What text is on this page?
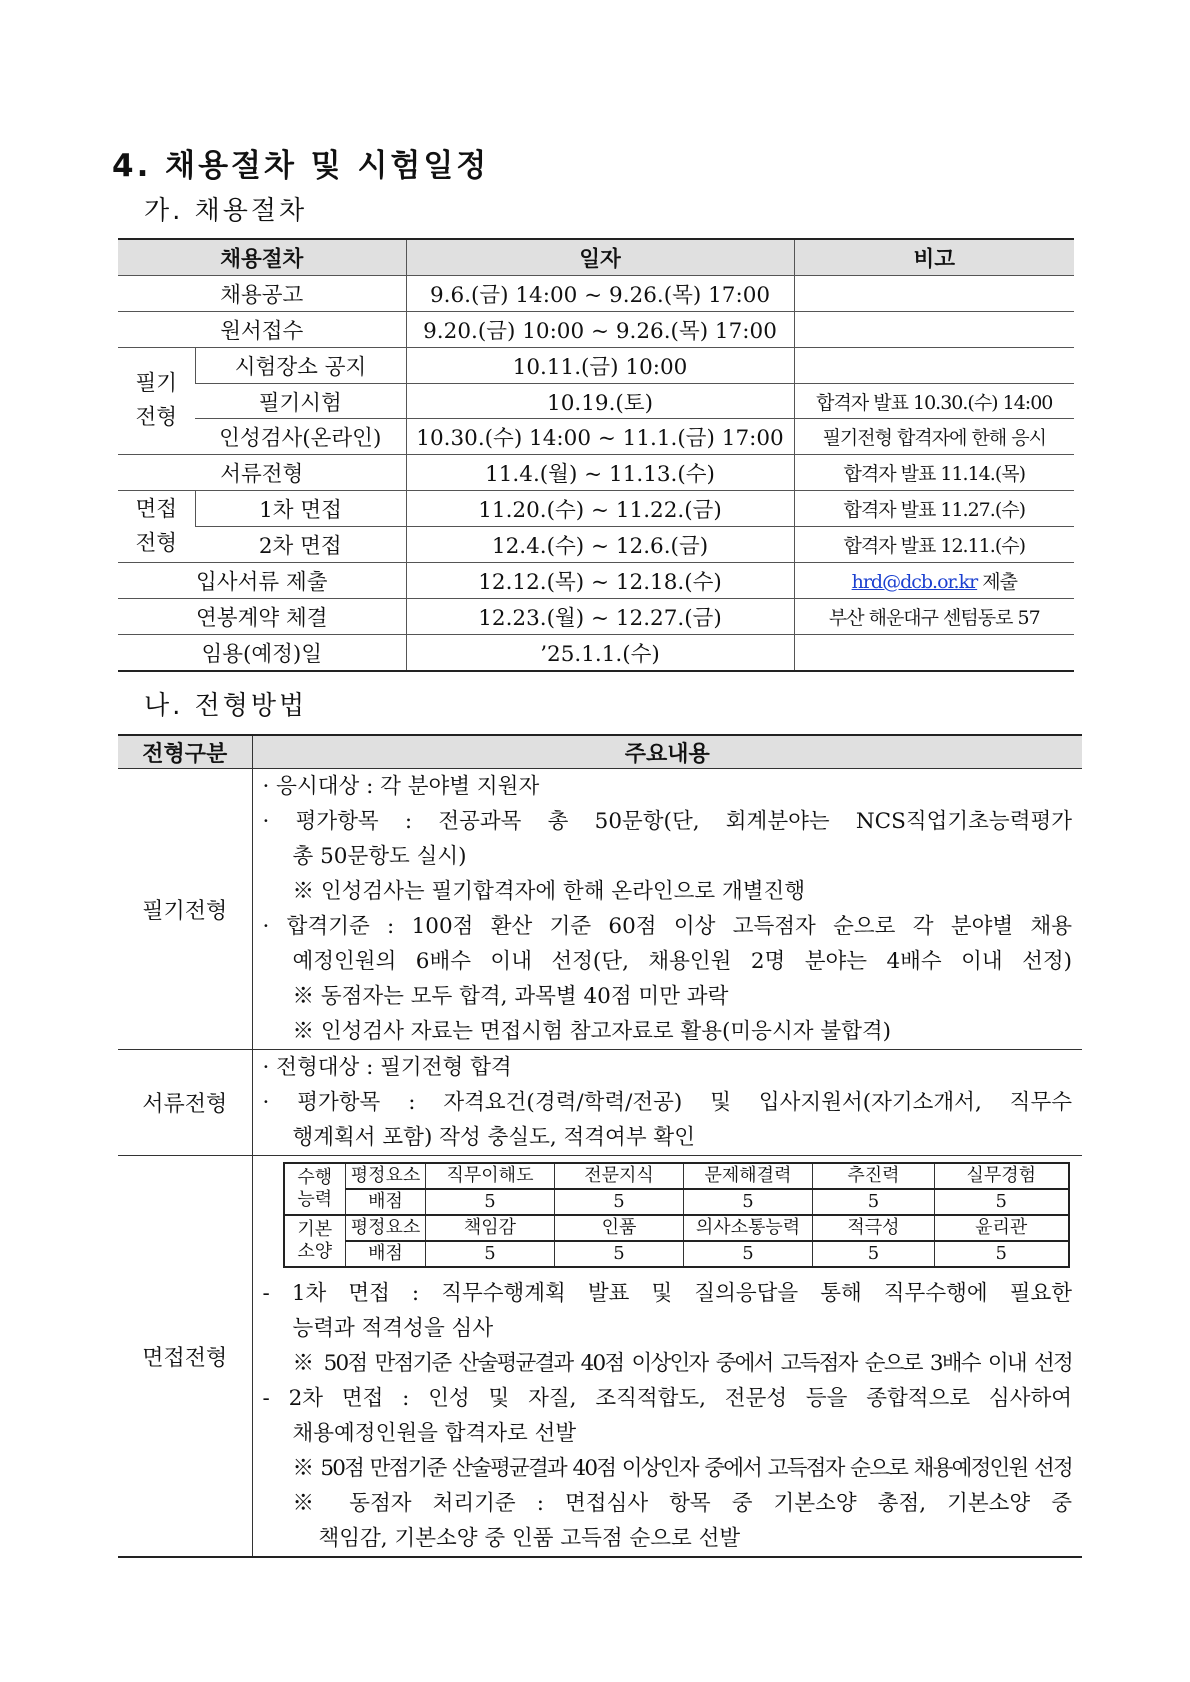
4. 채용절차 및 시험일정
가. 채용절차
채용절차		일자	비고
채용공고		9.6.(금) 14:00 ~ 9.26.(목) 17:00	
원서접수		9.20.(금) 10:00 ~ 9.26.(목) 17:00	
필기
전형	시험장소 공지	10.11.(금) 10:00	
	필기시험	10.19.(토)	합격자 발표 10.30.(수) 14:00
	인성검사(온라인)	10.30.(수) 14:00 ~ 11.1.(금) 17:00	필기전형 합격자에 한해 응시
서류전형		11.4.(월) ~ 11.13.(수)	합격자 발표 11.14.(목)
면접
전형	1차 면접	11.20.(수) ~ 11.22.(금)	합격자 발표 11.27.(수)
	2차 면접	12.4.(수) ~ 12.6.(금)	합격자 발표 12.11.(수)
입사서류 제출		12.12.(목) ~ 12.18.(수)	hrd@dcb.or.kr 제출
연봉계약 체결		12.23.(월) ~ 12.27.(금)	부산 해운대구 센텀동로 57
임용(예정)일		’25.1.1.(수)	
나. 전형방법
전형구분	주요내용
필기전형	
· 응시대상 : 각 분야별 지원자
· 평가항목 : 전공과목 총 50문항(단, 회계분야는 NCS직업기초능력평가
총 50문항도 실시)
※ 인성검사는 필기합격자에 한해 온라인으로 개별진행
· 합격기준 : 100점 환산 기준 60점 이상 고득점자 순으로 각 분야별 채용
예정인원의 6배수 이내 선정(단, 채용인원 2명 분야는 4배수 이내 선정)
※ 동점자는 모두 합격, 과목별 40점 미만 과락
※ 인성검사 자료는 면접시험 참고자료로 활용(미응시자 불합격)

서류전형	
· 전형대상 : 필기전형 합격
· 평가항목 : 자격요건(경력/학력/전공) 및 입사지원서(자기소개서, 직무수
행계획서 포함) 작성 충실도, 적격여부 확인

면접전형	
수행
능력	평정요소	직무이해도	전문지식	문제해결력	추진력	실무경험
배점	5	5	5	5	5
기본
소양	평정요소	책임감	인품	의사소통능력	적극성	윤리관
배점	5	5	5	5	5
- 1차 면접 : 직무수행계획 발표 및 질의응답을 통해 직무수행에 필요한
능력과 적격성을 심사
※ 50점 만점기준 산술평균결과 40점 이상인자 중에서 고득점자 순으로 3배수 이내 선정
- 2차 면접 : 인성 및 자질, 조직적합도, 전문성 등을 종합적으로 심사하여
채용예정인원을 합격자로 선발
※ 50점 만점기준 산술평균결과 40점 이상인자 중에서 고득점자 순으로 채용예정인원 선정
※ 동점자 처리기준 : 면접심사 항목 중 기본소양 총점, 기본소양 중
책임감, 기본소양 중 인품 고득점 순으로 선발
